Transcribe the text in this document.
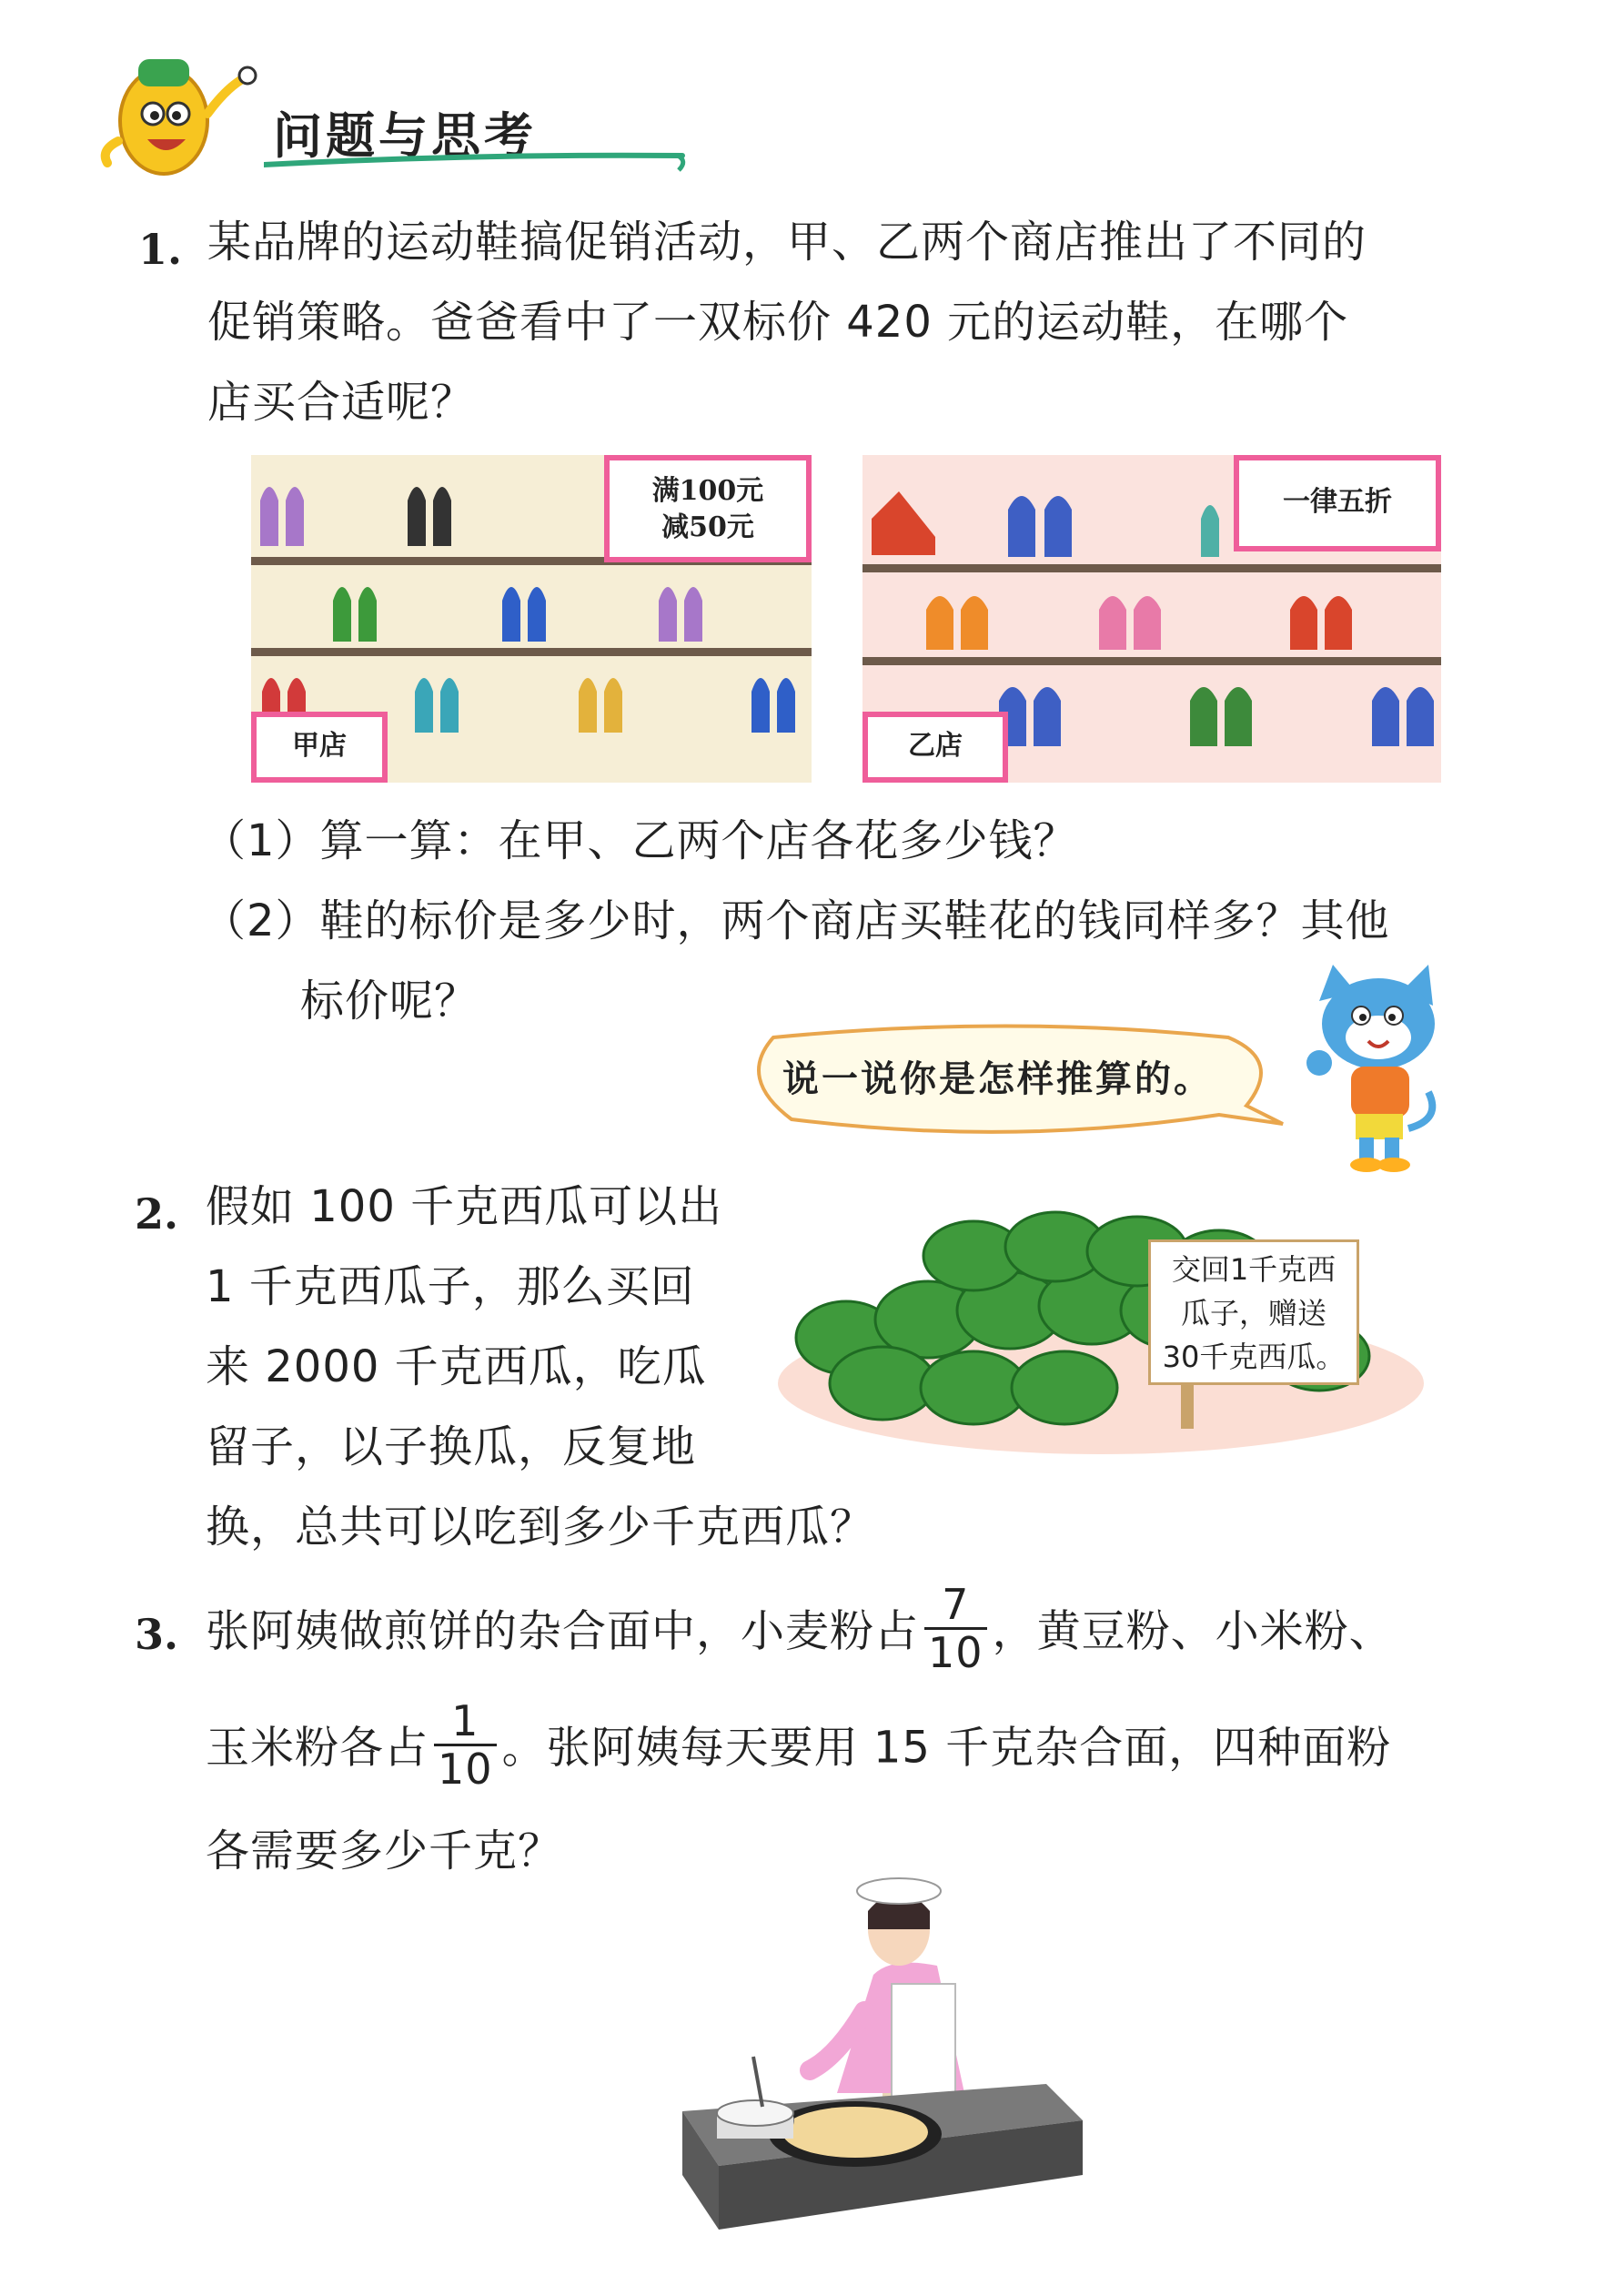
问题与思考
1. 某品牌的运动鞋搞促销活动，甲、乙两个商店推出了不同的
促销策略。爸爸看中了一双标价 420 元的运动鞋，在哪个
店买合适呢？
满100元
减50元
甲店
一律五折
乙店
（1）算一算：在甲、乙两个店各花多少钱？
（2）鞋的标价是多少时，两个商店买鞋花的钱同样多？其他
标价呢？
说一说你是怎样推算的。
2. 假如 100 千克西瓜可以出
1 千克西瓜子，那么买回
来 2000 千克西瓜，吃瓜
留子，以子换瓜，反复地
换，总共可以吃到多少千克西瓜？
交回1千克西
瓜子，赠送
30千克西瓜。
3. 张阿姨做煎饼的杂合面中，小麦粉占 $\frac{7}{10}$ ，黄豆粉、小米粉、
玉米粉各占 $\frac{1}{10}$ 。张阿姨每天要用 15 千克杂合面，四种面粉
各需要多少千克？
